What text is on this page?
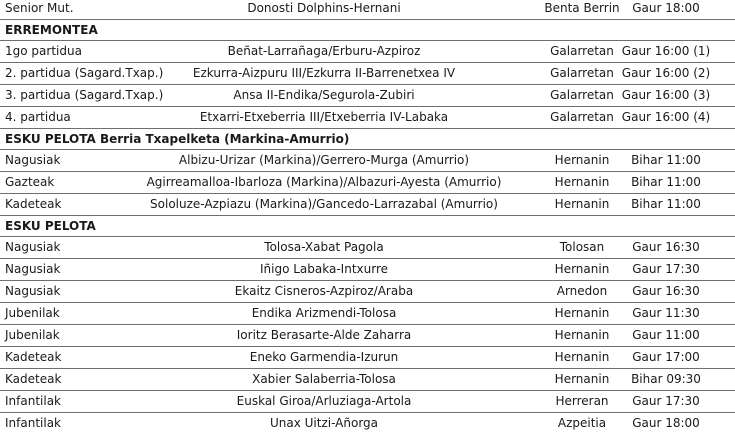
Senior Mut.	Donosti Dolphins-Hernani	Benta Berrin	Gaur 18:00
ERREMONTEA
1go partidua	Beñat-Larrañaga/Erburu-Azpiroz	Galarretan Gaur 16:00 (1)
2. partidua (Sagard.Txap.)	Ezkurra-Aizpuru III/Ezkurra II-Barrenetxea IV	Galarretan Gaur 16:00 (2)
3. partidua (Sagard.Txap.)	Ansa II-Endika/Segurola-Zubiri	Galarretan Gaur 16:00 (3)
4. partidua	Etxarri-Etxeberria III/Etxeberria IV-Labaka	Galarretan Gaur 16:00 (4)
ESKU PELOTA Berria Txapelketa (Markina-Amurrio)
Nagusiak	Albizu-Urizar (Markina)/Gerrero-Murga (Amurrio)	Hernanin	Bihar 11:00
Gazteak	Agirreamalloa-Ibarloza (Markina)/Albazuri-Ayesta (Amurrio)	Hernanin	Bihar 11:00
Kadeteak	Sololuze-Azpiazu (Markina)/Gancedo-Larrazabal (Amurrio)	Hernanin	Bihar 11:00
ESKU PELOTA
Nagusiak	Tolosa-Xabat Pagola	Tolosan	Gaur 16:30
Nagusiak	Iñigo Labaka-Intxurre	Hernanin	Gaur 17:30
Nagusiak	Ekaitz Cisneros-Azpiroz/Araba	Arnedon	Gaur 16:30
Jubenilak	Endika Arizmendi-Tolosa	Hernanin	Gaur 11:30
Jubenilak	Ioritz Berasarte-Alde Zaharra	Hernanin	Gaur 11:00
Kadeteak	Eneko Garmendia-Izurun	Hernanin	Gaur 17:00
Kadeteak	Xabier Salaberria-Tolosa	Hernanin	Bihar 09:30
Infantilak	Euskal Giroa/Arluziaga-Artola	Herreran	Gaur 17:30
Infantilak	Unax Uitzi-Añorga	Azpeitia	Gaur 18:00
